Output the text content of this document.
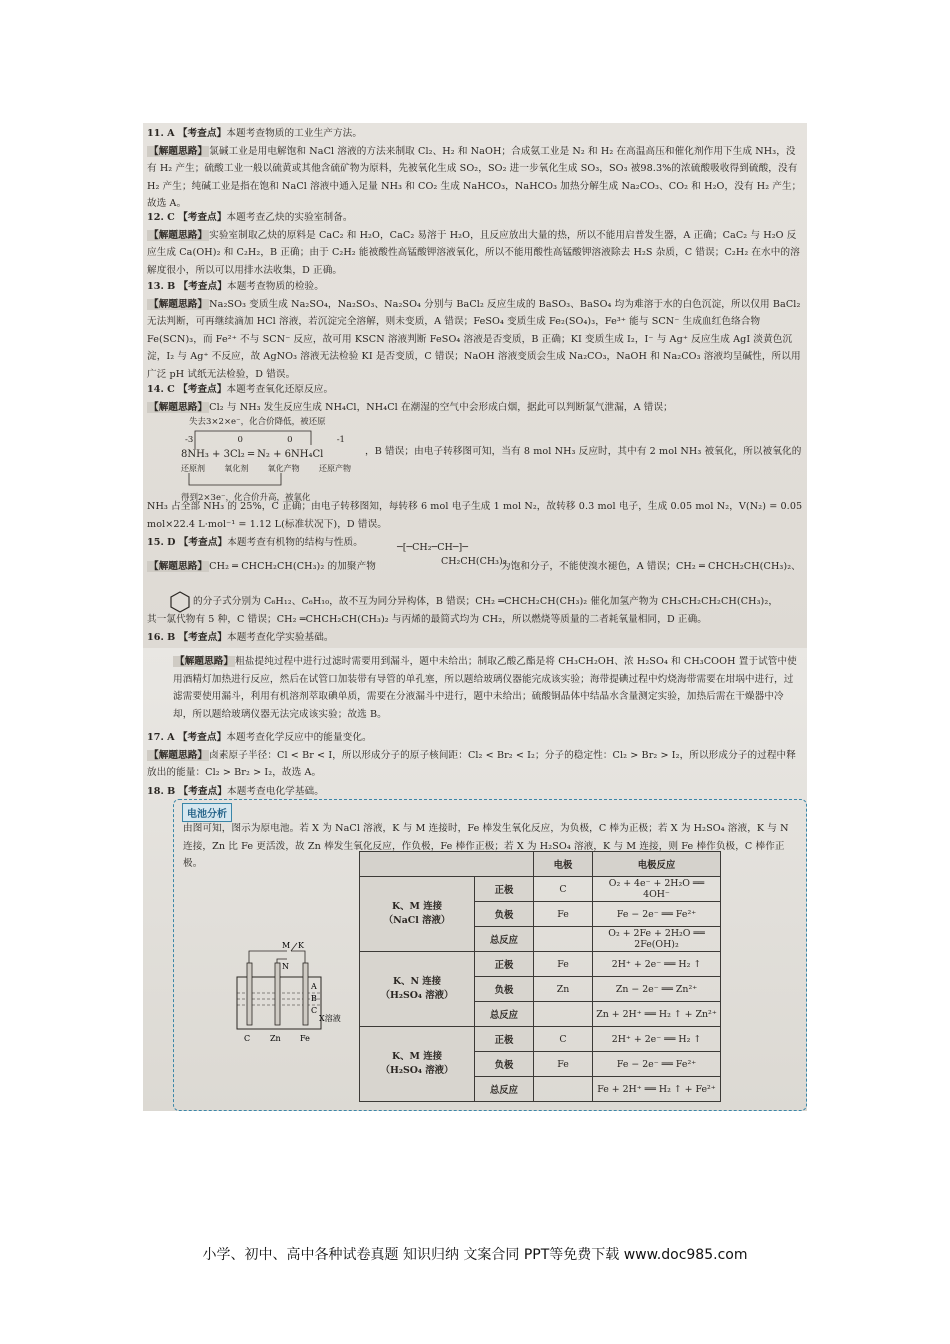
11. A 【考查点】本题考查物质的工业生产方法。
【解题思路】 氯碱工业是用电解饱和 NaCl 溶液的方法来制取 Cl₂、H₂ 和 NaOH；合成氨工业是 N₂ 和 H₂ 在高温高压和催化剂作用下生成 NH₃，没有 H₂ 产生；硫酸工业一般以硫黄或其他含硫矿物为原料，先被氧化生成 SO₂，SO₂ 进一步氧化生成 SO₃，SO₃ 被98.3%的浓硫酸吸收得到硫酸，没有 H₂ 产生；纯碱工业是指在饱和 NaCl 溶液中通入足量 NH₃ 和 CO₂ 生成 NaHCO₃，NaHCO₃ 加热分解生成 Na₂CO₃、CO₂ 和 H₂O，没有 H₂ 产生；故选 A。
12. C 【考查点】本题考查乙炔的实验室制备。
【解题思路】 实验室制取乙炔的原料是 CaC₂ 和 H₂O，CaC₂ 易溶于 H₂O，且反应放出大量的热，所以不能用启普发生器，A 正确；CaC₂ 与 H₂O 反应生成 Ca(OH)₂ 和 C₂H₂，B 正确；由于 C₂H₂ 能被酸性高锰酸钾溶液氧化，所以不能用酸性高锰酸钾溶液除去 H₂S 杂质，C 错误；C₂H₂ 在水中的溶解度很小，所以可以用排水法收集，D 正确。
13. B 【考查点】本题考查物质的检验。
【解题思路】 Na₂SO₃ 变质生成 Na₂SO₄，Na₂SO₃、Na₂SO₄ 分别与 BaCl₂ 反应生成的 BaSO₃、BaSO₄ 均为难溶于水的白色沉淀，所以仅用 BaCl₂ 无法判断，可再继续滴加 HCl 溶液，若沉淀完全溶解，则未变质，A 错误；FeSO₄ 变质生成 Fe₂(SO₄)₃，Fe³⁺ 能与 SCN⁻ 生成血红色络合物 Fe(SCN)₃，而 Fe²⁺ 不与 SCN⁻ 反应，故可用 KSCN 溶液判断 FeSO₄ 溶液是否变质，B 正确；KI 变质生成 I₂，I⁻ 与 Ag⁺ 反应生成 AgI 淡黄色沉淀，I₂ 与 Ag⁺ 不反应，故 AgNO₃ 溶液无法检验 KI 是否变质，C 错误；NaOH 溶液变质会生成 Na₂CO₃，NaOH 和 Na₂CO₃ 溶液均呈碱性，所以用广泛 pH 试纸无法检验，D 错误。
14. C 【考查点】本题考查氧化还原反应。
【解题思路】 Cl₂ 与 NH₃ 发生反应生成 NH₄Cl，NH₄Cl 在潮湿的空气中会形成白烟，据此可以判断氯气泄漏，A 错误；
失去3×2×e⁻，化合价降低，被还原
-3	0	0	-1
8NH₃ + 3Cl₂ ═ N₂ + 6NH₄Cl
还原剂 氧化剂 氧化产物 还原产物
得到2×3e⁻，化合价升高，被氧化
，B 错误；由电子转移图可知，当有 8 mol NH₃ 反应时，其中有 2 mol NH₃ 被氧化，所以被氧化的
NH₃ 占全部 NH₃ 的 25%，C 正确；由电子转移图知，每转移 6 mol 电子生成 1 mol N₂，故转移 0.3 mol 电子，生成 0.05 mol N₂，V(N₂) = 0.05 mol×22.4 L·mol⁻¹ = 1.12 L(标准状况下)，D 错误。
15. D 【考查点】本题考查有机物的结构与性质。	─[─CH₂─CH─]─
CH₂CH(CH₃)₂
【解题思路】 CH₂ ═ CHCH₂CH(CH₃)₂ 的加聚产物	为饱和分子，不能使溴水褪色，A 错误；CH₂ ═ CHCH₂CH(CH₃)₂、
的分子式分别为 C₆H₁₂、C₆H₁₀，故不互为同分异构体，B 错误；CH₂ ═CHCH₂CH(CH₃)₂ 催化加氢产物为 CH₃CH₂CH₂CH(CH₃)₂，
其一氯代物有 5 种，C 错误；CH₂ ═CHCH₂CH(CH₃)₂ 与丙烯的最简式均为 CH₂，所以燃烧等质量的二者耗氧量相同，D 正确。
16. B 【考查点】本题考查化学实验基础。
【解题思路】 粗盐提纯过程中进行过滤时需要用到漏斗，题中未给出；制取乙酸乙酯是将 CH₃CH₂OH、浓 H₂SO₄ 和 CH₃COOH 置于试管中使用酒精灯加热进行反应，然后在试管口加装带有导管的单孔塞，所以题给玻璃仪器能完成该实验；海带提碘过程中灼烧海带需要在坩埚中进行，过滤需要使用漏斗，利用有机溶剂萃取碘单质，需要在分液漏斗中进行，题中未给出；硫酸铜晶体中结晶水含量测定实验，加热后需在干燥器中冷却，所以题给玻璃仪器无法完成该实验；故选 B。
17. A 【考查点】本题考查化学反应中的能量变化。
【解题思路】 卤素原子半径：Cl < Br < I，所以形成分子的原子核间距：Cl₂ < Br₂ < I₂；分子的稳定性：Cl₂ > Br₂ > I₂，所以形成分子的过程中释放出的能量：Cl₂ > Br₂ > I₂，故选 A。
18. B 【考查点】本题考查电化学基础。
电池分析
由图可知，图示为原电池。若 X 为 NaCl 溶液，K 与 M 连接时，Fe 棒发生氧化反应，为负极，C 棒为正极；若 X 为 H₂SO₄ 溶液，K 与 N 连接，Zn 比 Fe 更活泼，故 Zn 棒发生氧化反应，作负极，Fe 棒作正极；若 X 为 H₂SO₄ 溶液，K 与 M 连接，则 Fe 棒作负极，C 棒作正极。
		电极	电极反应
K、M 连接
（NaCl 溶液）	正极	C	O₂ + 4e⁻ + 2H₂O ══ 4OH⁻
	负极	Fe	Fe − 2e⁻ ══ Fe²⁺
	总反应		O₂ + 2Fe + 2H₂O ══ 2Fe(OH)₂
K、N 连接
（H₂SO₄ 溶液）	正极	Fe	2H⁺ + 2e⁻ ══ H₂ ↑
	负极	Zn	Zn − 2e⁻ ══ Zn²⁺
	总反应		Zn + 2H⁺ ══ H₂ ↑ + Zn²⁺
K、M 连接
（H₂SO₄ 溶液）	正极	C	2H⁺ + 2e⁻ ══ H₂ ↑
	负极	Fe	Fe − 2e⁻ ══ Fe²⁺
	总反应		Fe + 2H⁺ ══ H₂ ↑ + Fe²⁺
M K
N
A
B
C
X溶液
C Zn Fe
小学、初中、高中各种试卷真题 知识归纳 文案合同 PPT等免费下载 www.doc985.com
